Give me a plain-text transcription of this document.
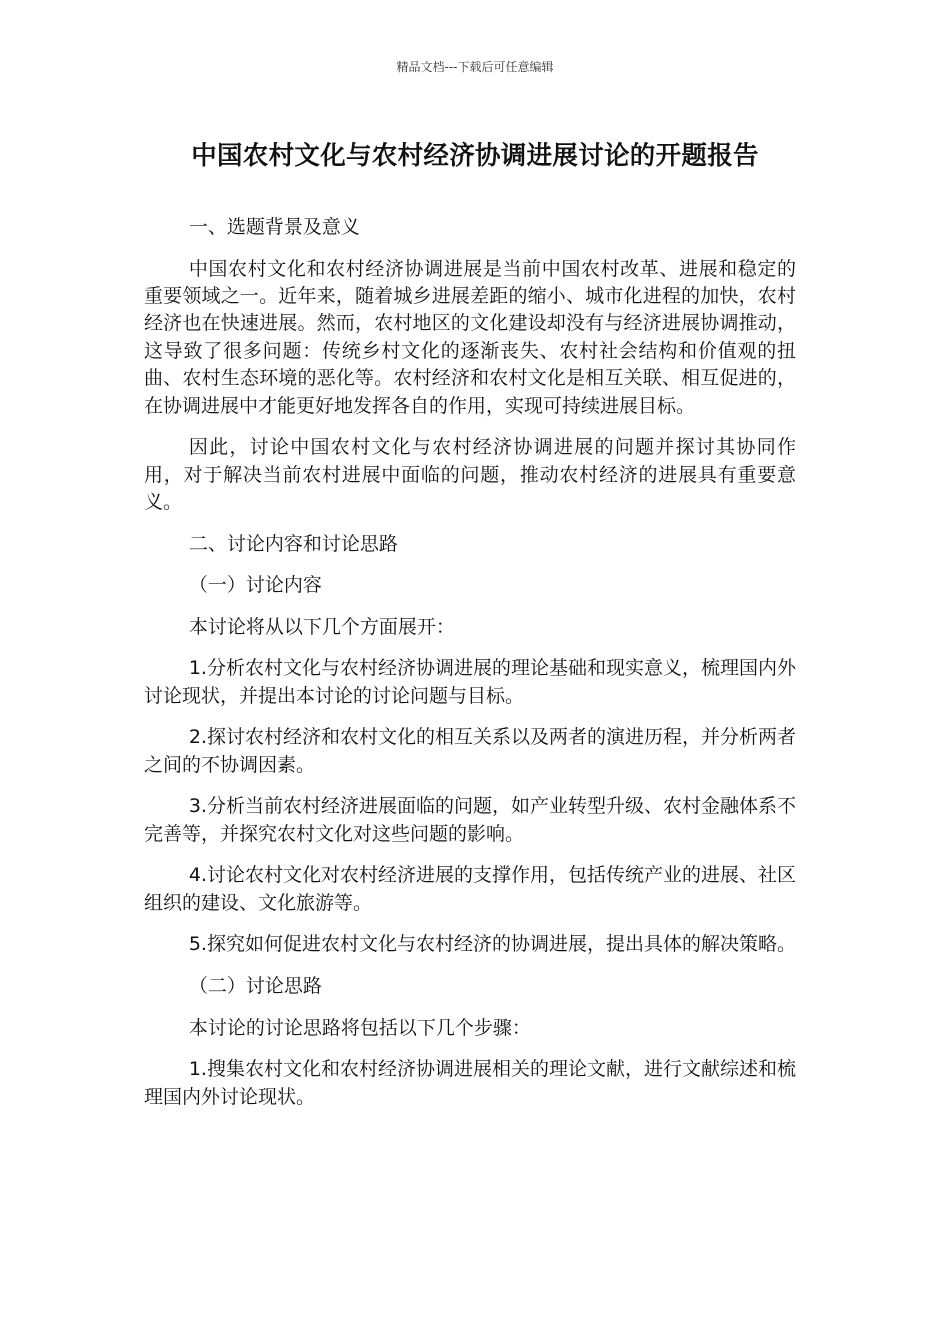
精品文档---下载后可任意编辑
中国农村文化与农村经济协调进展讨论的开题报告

一、选题背景及意义

中国农村文化和农村经济协调进展是当前中国农村改革、进展和稳定的重要领域之一。近年来，随着城乡进展差距的缩小、城市化进程的加快，农村经济也在快速进展。然而，农村地区的文化建设却没有与经济进展协调推动，这导致了很多问题：传统乡村文化的逐渐丧失、农村社会结构和价值观的扭曲、农村生态环境的恶化等。农村经济和农村文化是相互关联、相互促进的，在协调进展中才能更好地发挥各自的作用，实现可持续进展目标。

因此，讨论中国农村文化与农村经济协调进展的问题并探讨其协同作用，对于解决当前农村进展中面临的问题，推动农村经济的进展具有重要意义。

二、讨论内容和讨论思路

（一）讨论内容

本讨论将从以下几个方面展开：

1.分析农村文化与农村经济协调进展的理论基础和现实意义，梳理国内外讨论现状，并提出本讨论的讨论问题与目标。

2.探讨农村经济和农村文化的相互关系以及两者的演进历程，并分析两者之间的不协调因素。

3.分析当前农村经济进展面临的问题，如产业转型升级、农村金融体系不完善等，并探究农村文化对这些问题的影响。

4.讨论农村文化对农村经济进展的支撑作用，包括传统产业的进展、社区组织的建设、文化旅游等。

5.探究如何促进农村文化与农村经济的协调进展，提出具体的解决策略。

（二）讨论思路

本讨论的讨论思路将包括以下几个步骤：

1.搜集农村文化和农村经济协调进展相关的理论文献，进行文献综述和梳理国内外讨论现状。
